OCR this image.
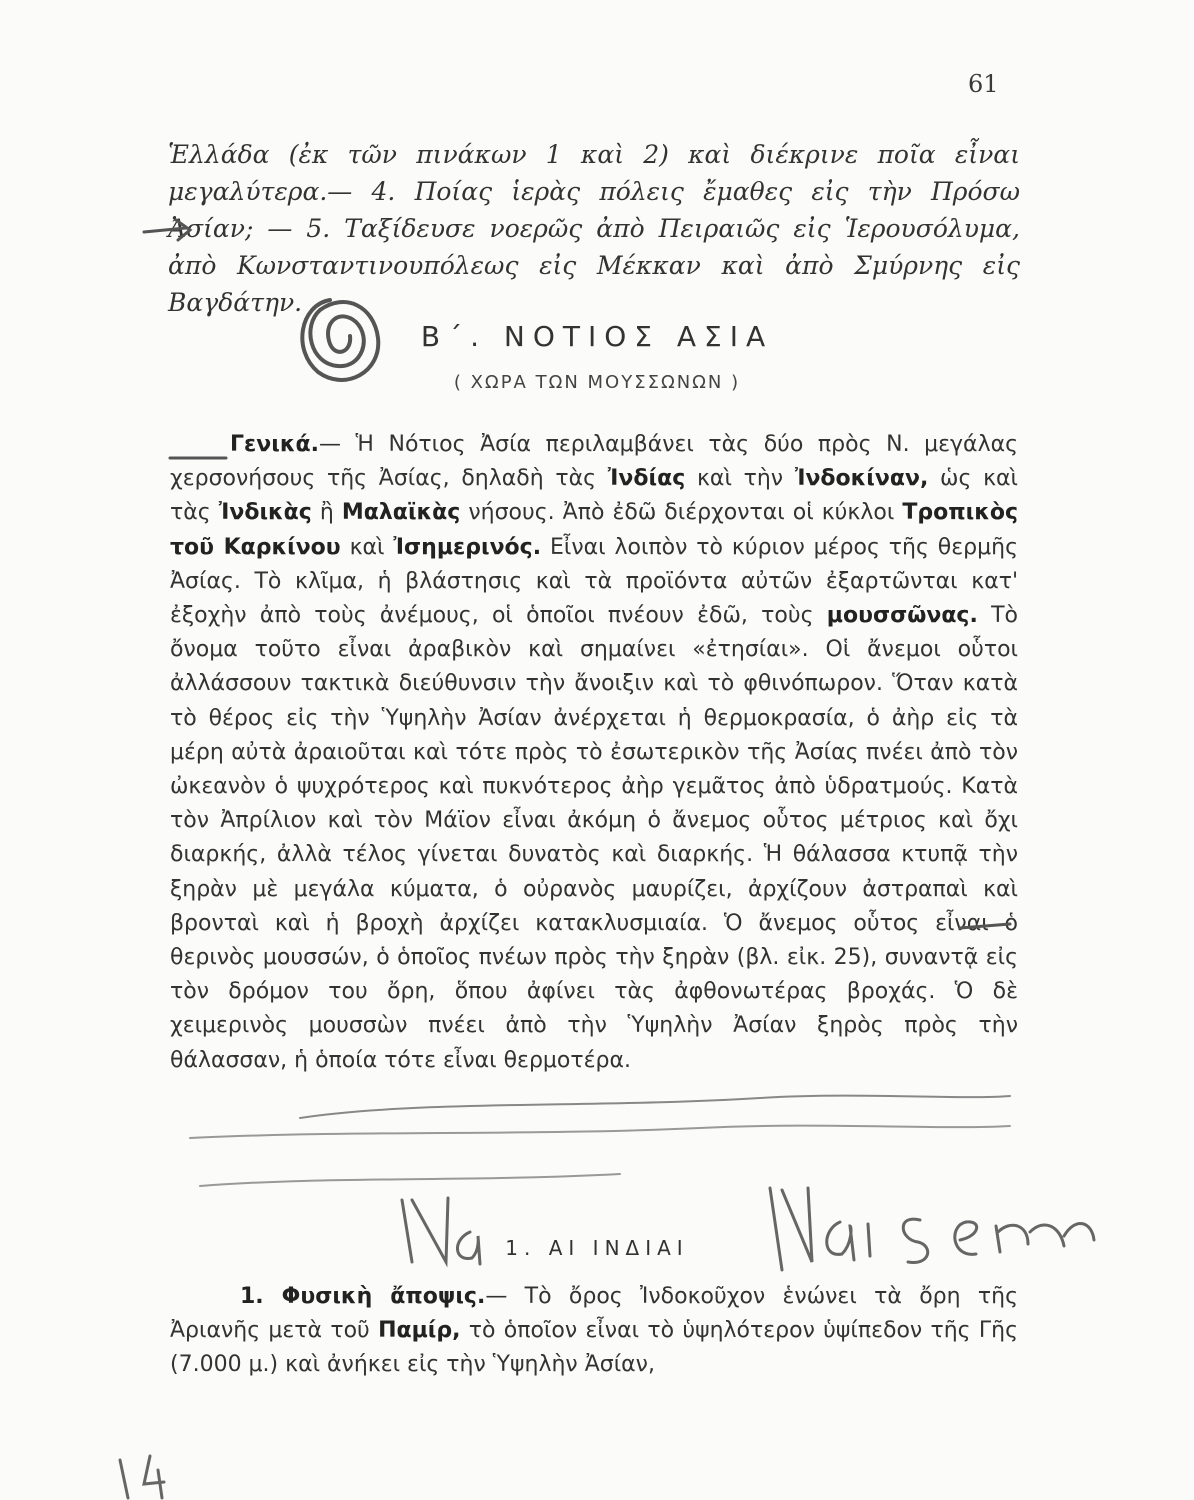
61

Ἑλλάδα (ἐκ τῶν πινάκων 1 καὶ 2) καὶ διέκρινε ποῖα εἶναι μεγαλύτερα.— 4. Ποίας ἱερὰς πόλεις ἔμαθες εἰς τὴν Πρόσω Ἀσίαν; — 5. Ταξίδευσε νοερῶς ἀπὸ Πειραιῶς εἰς Ἱερουσόλυμα, ἀπὸ Κωνσταντινουπόλεως εἰς Μέκκαν καὶ ἀπὸ Σμύρνης εἰς Βαγδάτην.

Β΄. ΝΟΤΙΟΣ ΑΣΙΑ
( ΧΩΡΑ ΤΩΝ ΜΟΥΣΣΩΝΩΝ )

Γενικά.— Ἡ Νότιος Ἀσία περιλαμβάνει τὰς δύο πρὸς Ν. μεγάλας χερσονήσους τῆς Ἀσίας, δηλαδὴ τὰς Ἰνδίας καὶ τὴν Ἰνδοκίναν, ὡς καὶ τὰς Ἰνδικὰς ἢ Μαλαϊκὰς νήσους. Ἀπὸ ἐδῶ διέρχονται οἱ κύκλοι Τροπικὸς τοῦ Καρκίνου καὶ Ἰσημερινός. Εἶναι λοιπὸν τὸ κύριον μέρος τῆς θερμῆς Ἀσίας. Τὸ κλῖμα, ἡ βλάστησις καὶ τὰ προϊόντα αὐτῶν ἐξαρτῶνται κατ' ἐξοχὴν ἀπὸ τοὺς ἀνέμους, οἱ ὁποῖοι πνέουν ἐδῶ, τοὺς μουσσῶνας. Τὸ ὄνομα τοῦτο εἶναι ἀραβικὸν καὶ σημαίνει «ἐτησίαι». Οἱ ἄνεμοι οὗτοι ἀλλάσσουν τακτικὰ διεύθυνσιν τὴν ἄνοιξιν καὶ τὸ φθινόπωρον. Ὅταν κατὰ τὸ θέρος εἰς τὴν Ὑψηλὴν Ἀσίαν ἀνέρχεται ἡ θερμοκρασία, ὁ ἀὴρ εἰς τὰ μέρη αὐτὰ ἀραιοῦται καὶ τότε πρὸς τὸ ἐσωτερικὸν τῆς Ἀσίας πνέει ἀπὸ τὸν ὠκεανὸν ὁ ψυχρότερος καὶ πυκνότερος ἀὴρ γεμᾶτος ἀπὸ ὑδρατμούς. Κατὰ τὸν Ἀπρίλιον καὶ τὸν Μάϊον εἶναι ἀκόμη ὁ ἄνεμος οὗτος μέτριος καὶ ὄχι διαρκής, ἀλλὰ τέλος γίνεται δυνατὸς καὶ διαρκής. Ἡ θάλασσα κτυπᾷ τὴν ξηρὰν μὲ μεγάλα κύματα, ὁ οὐρανὸς μαυρίζει, ἀρχίζουν ἀστραπαὶ καὶ βρονταὶ καὶ ἡ βροχὴ ἀρχίζει κατακλυσμιαία. Ὁ ἄνεμος οὗτος εἶναι ὁ θερινὸς μουσσών, ὁ ὁποῖος πνέων πρὸς τὴν ξηρὰν (βλ. εἰκ. 25), συναντᾷ εἰς τὸν δρόμον του ὄρη, ὅπου ἀφίνει τὰς ἀφθονωτέρας βροχάς. Ὁ δὲ χειμερινὸς μουσσὼν πνέει ἀπὸ τὴν Ὑψηλὴν Ἀσίαν ξηρὸς πρὸς τὴν θάλασσαν, ἡ ὁποία τότε εἶναι θερμοτέρα.

1. ΑΙ ΙΝΔΙΑΙ

1. Φυσικὴ ἄποψις.— Τὸ ὄρος Ἰνδοκοῦχον ἑνώνει τὰ ὄρη τῆς Ἀριανῆς μετὰ τοῦ Παμίρ, τὸ ὁποῖον εἶναι τὸ ὑψηλότερον ὑψίπεδον τῆς Γῆς (7.000 μ.) καὶ ἀνήκει εἰς τὴν Ὑψηλὴν Ἀσίαν,
